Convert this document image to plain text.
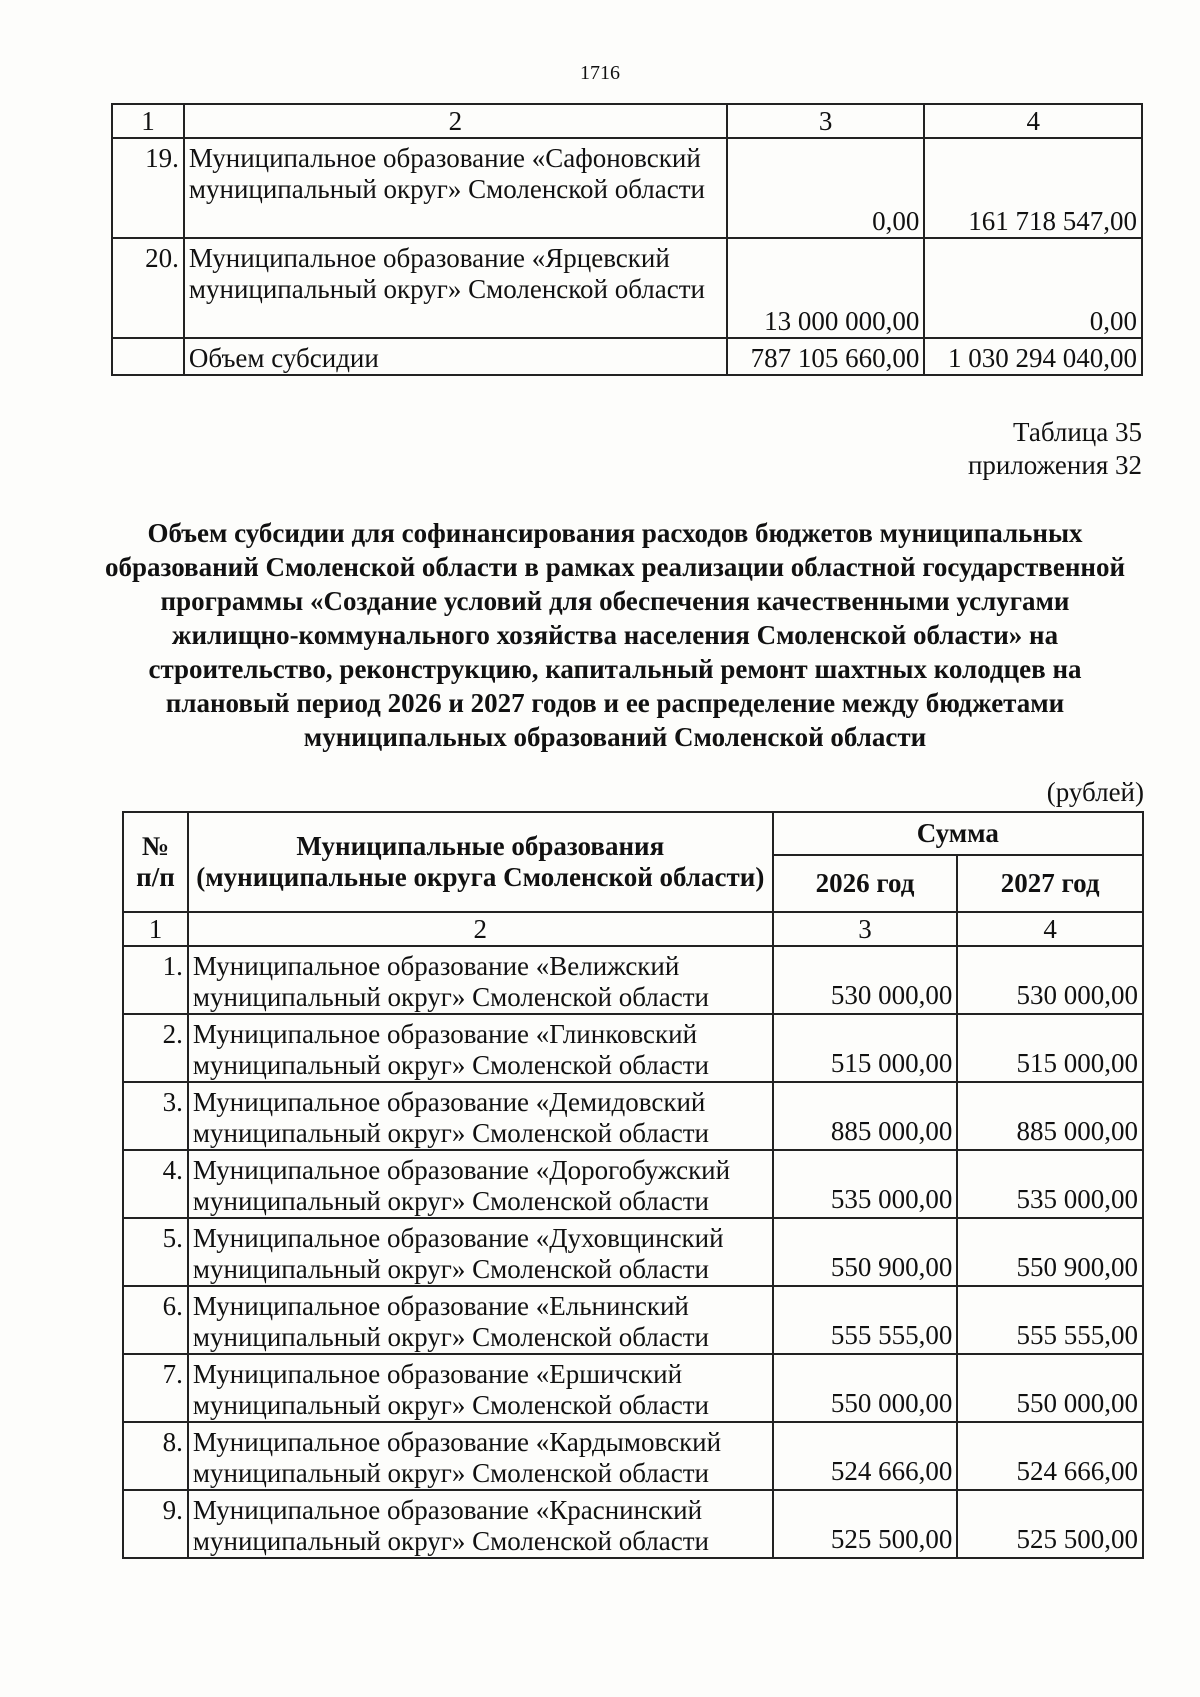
1716
1	2	3	4
19.	Муниципальное образование «Сафоновский муниципальный округ» Смоленской области	0,00	161 718 547,00
20.	Муниципальное образование «Ярцевский муниципальный округ» Смоленской области	13 000 000,00	0,00
	Объем субсидии	787 105 660,00	1 030 294 040,00
Таблица 35
приложения 32
Объем субсидии для софинансирования расходов бюджетов муниципальных образований Смоленской области в рамках реализации областной государственной программы «Создание условий для обеспечения качественными услугами жилищно-коммунального хозяйства населения Смоленской области» на строительство, реконструкцию, капитальный ремонт шахтных колодцев на плановый период 2026 и 2027 годов и ее распределение между бюджетами муниципальных образований Смоленской области
(рублей)
№ п/п	Муниципальные образования (муниципальные округа Смоленской области)	Сумма	
		2026 год	2027 год
1	2	3	4
1.	Муниципальное образование «Велижский муниципальный округ» Смоленской области	530 000,00	530 000,00
2.	Муниципальное образование «Глинковский муниципальный округ» Смоленской области	515 000,00	515 000,00
3.	Муниципальное образование «Демидовский муниципальный округ» Смоленской области	885 000,00	885 000,00
4.	Муниципальное образование «Дорогобужский муниципальный округ» Смоленской области	535 000,00	535 000,00
5.	Муниципальное образование «Духовщинский муниципальный округ» Смоленской области	550 900,00	550 900,00
6.	Муниципальное образование «Ельнинский муниципальный округ» Смоленской области	555 555,00	555 555,00
7.	Муниципальное образование «Ершичский муниципальный округ» Смоленской области	550 000,00	550 000,00
8.	Муниципальное образование «Кардымовский муниципальный округ» Смоленской области	524 666,00	524 666,00
9.	Муниципальное образование «Краснинский муниципальный округ» Смоленской области	525 500,00	525 500,00
